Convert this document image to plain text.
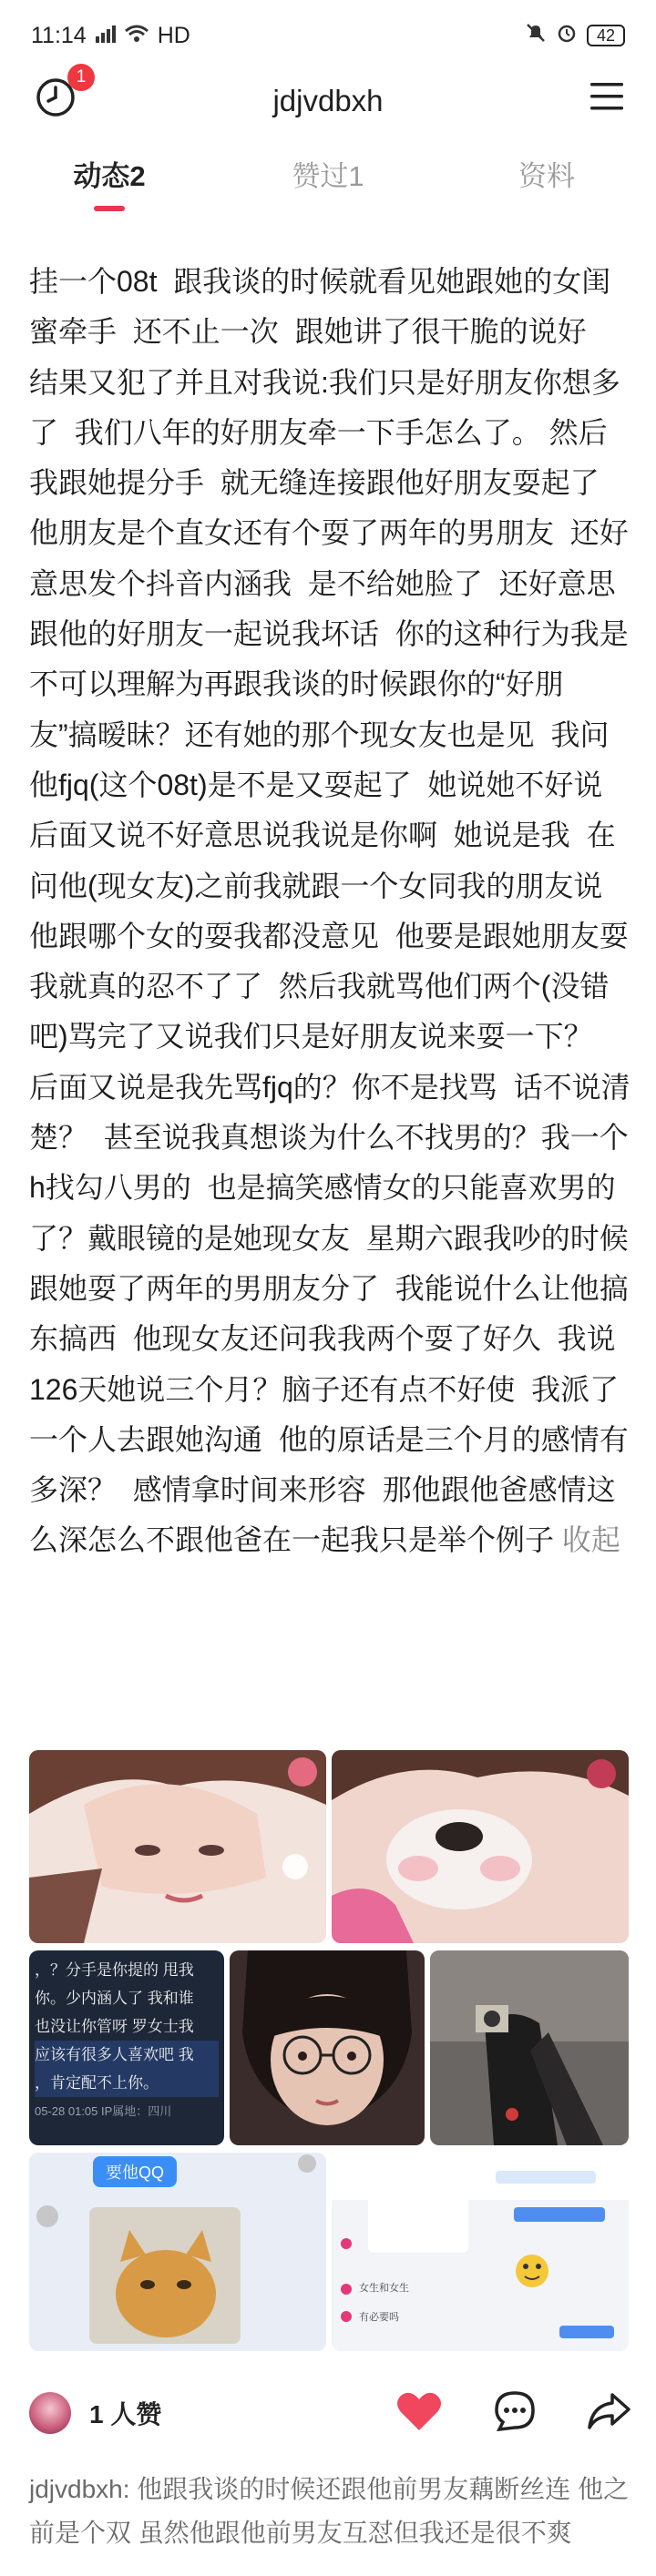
11:14	HD	42
1
jdjvdbxh
动态2	赞过1	资料
挂一个08t  跟我谈的时候就看见她跟她的女闺蜜牵手  还不止一次  跟她讲了很干脆的说好  结果又犯了并且对我说:我们只是好朋友你想多了  我们八年的好朋友牵一下手怎么了。 然后我跟她提分手  就无缝连接跟他好朋友耍起了  他朋友是个直女还有个耍了两年的男朋友  还好意思发个抖音内涵我  是不给她脸了  还好意思跟他的好朋友一起说我坏话  你的这种行为我是不可以理解为再跟我谈的时候跟你的“好朋友”搞暧昧？还有她的那个现女友也是见  我问他fjq(这个08t)是不是又耍起了  她说她不好说  后面又说不好意思说我说是你啊  她说是我  在问他(现女友)之前我就跟一个女同我的朋友说他跟哪个女的耍我都没意见  他要是跟她朋友耍我就真的忍不了了  然后我就骂他们两个(没错吧)骂完了又说我们只是好朋友说来耍一下？  后面又说是我先骂fjq的？你不是找骂  话不说清楚？  甚至说我真想谈为什么不找男的？我一个h找勾八男的  也是搞笑感情女的只能喜欢男的了？戴眼镜的是她现女友  星期六跟我吵的时候跟她耍了两年的男朋友分了  我能说什么让他搞东搞西  他现女友还问我我两个耍了好久  我说126天她说三个月？脑子还有点不好使  我派了一个人去跟她沟通  他的原话是三个月的感情有多深？  感情拿时间来形容  那他跟他爸感情这么深怎么不跟他爸在一起我只是举个例子 收起
，？分手是你提的 甩我
你。少内涵人了 我和谁
也没让你管呀 罗女士我
应该有很多人喜欢吧 我
，肯定配不上你。
05-28 01:05 IP属地：四川
要他QQ
女生和女生
有必要吗
1 人赞
jdjvdbxh: 他跟我谈的时候还跟他前男友藕断丝连 他之前是个双 虽然他跟他前男友互怼但我还是很不爽
